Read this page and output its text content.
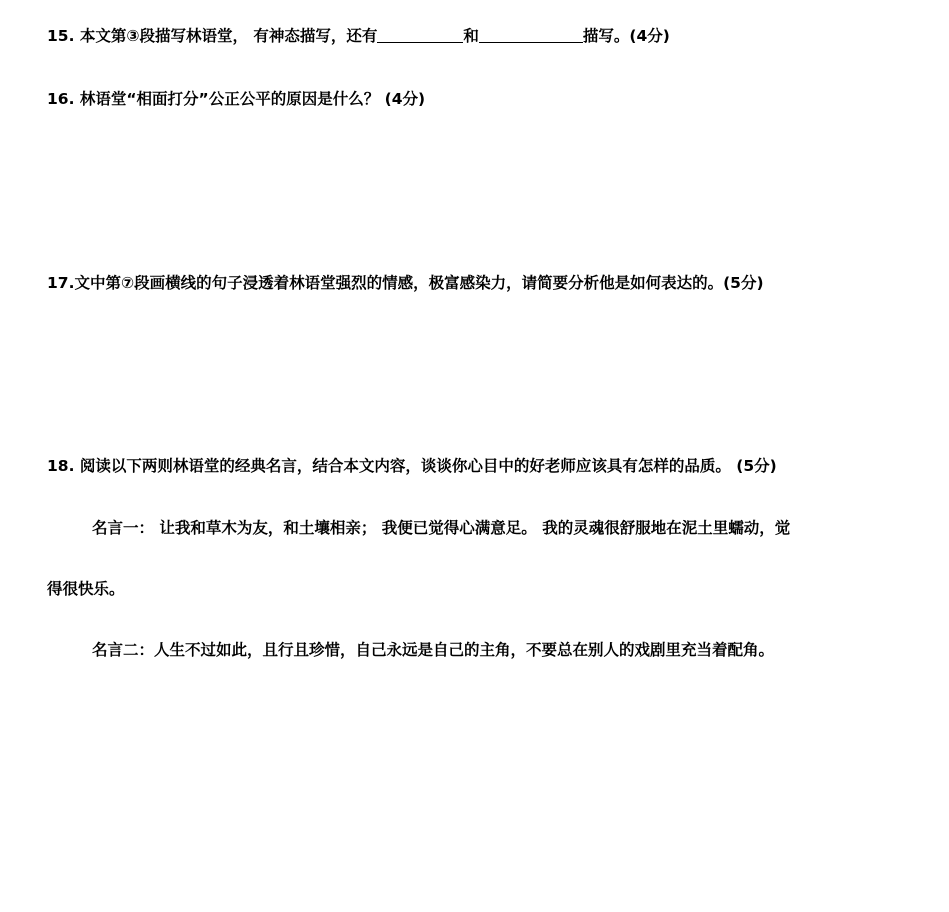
15. 本文第③段描写林语堂， 有神态描写，还有	和	描写。(4分)
16. 林语堂“相面打分”公正公平的原因是什么？ (4分)
17.文中第⑦段画横线的句子浸透着林语堂强烈的情感，极富感染力，请简要分析他是如何表达的。(5分)
18. 阅读以下两则林语堂的经典名言，结合本文内容，谈谈你心目中的好老师应该具有怎样的品质。 (5分)
名言一： 让我和草木为友，和土壤相亲； 我便已觉得心满意足。 我的灵魂很舒服地在泥土里蠕动，觉
得很快乐。
名言二：人生不过如此，且行且珍惜，自己永远是自己的主角，不要总在别人的戏剧里充当着配角。
